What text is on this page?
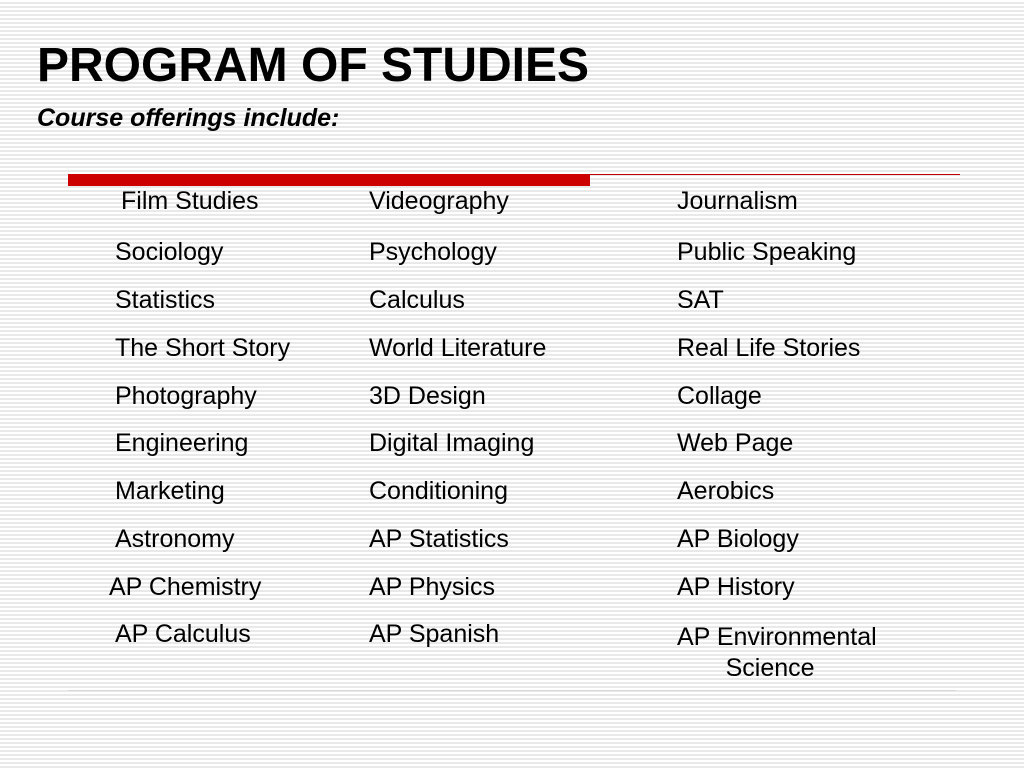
PROGRAM OF STUDIES
Course offerings include:
Film Studies	Videography	Journalism
Sociology	Psychology	Public Speaking
Statistics	Calculus	SAT
The Short Story	World Literature	Real Life Stories
Photography	3D Design	Collage
Engineering	Digital Imaging	Web Page
Marketing	Conditioning	Aerobics
Astronomy	AP Statistics	AP Biology
AP Chemistry	AP Physics	AP History
AP Calculus	AP Spanish	AP Environmental
Science
